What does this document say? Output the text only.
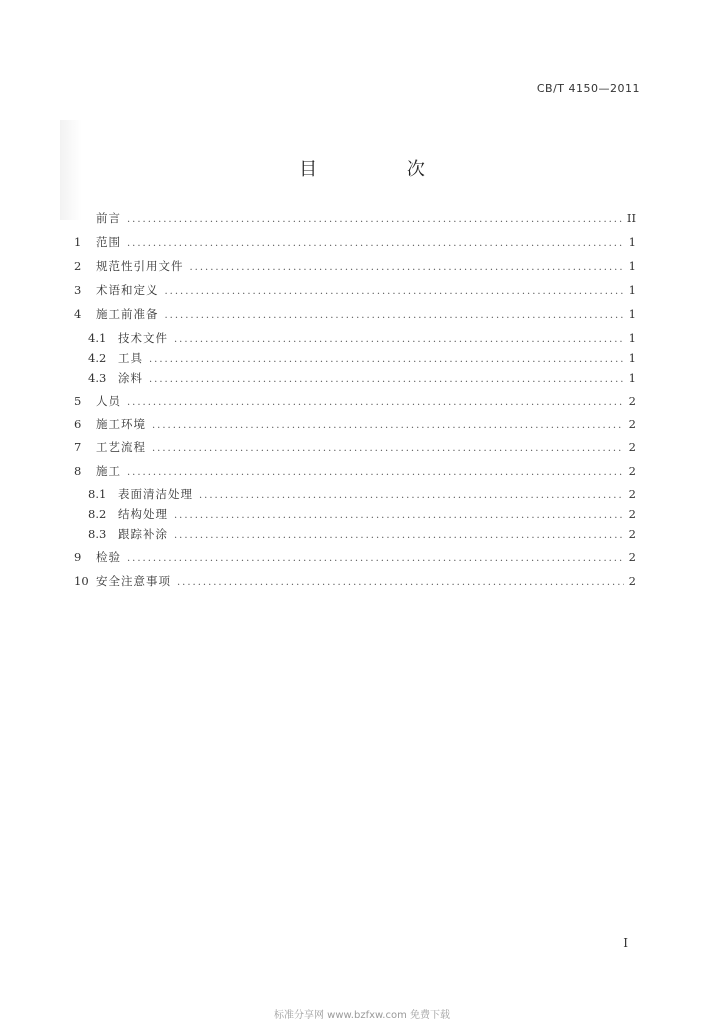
CB/T 4150—2011
目 次
前言 .....	II
1	范围 .....	1
2	规范性引用文件 .....	1
3	术语和定义 .....	1
4	施工前准备 .....	1
4.1	技术文件 .....	1
4.2	工具 .....	1
4.3	涂料 .....	1
5	人员 .....	2
6	施工环境 .....	2
7	工艺流程 .....	2
8	施工 .....	2
8.1	表面清洁处理 .....	2
8.2	结构处理 .....	2
8.3	跟踪补涂 .....	2
9	检验 .....	2
10 安全注意事项 .....	2
I
标准分享网 www.bzfxw.com 免费下载
